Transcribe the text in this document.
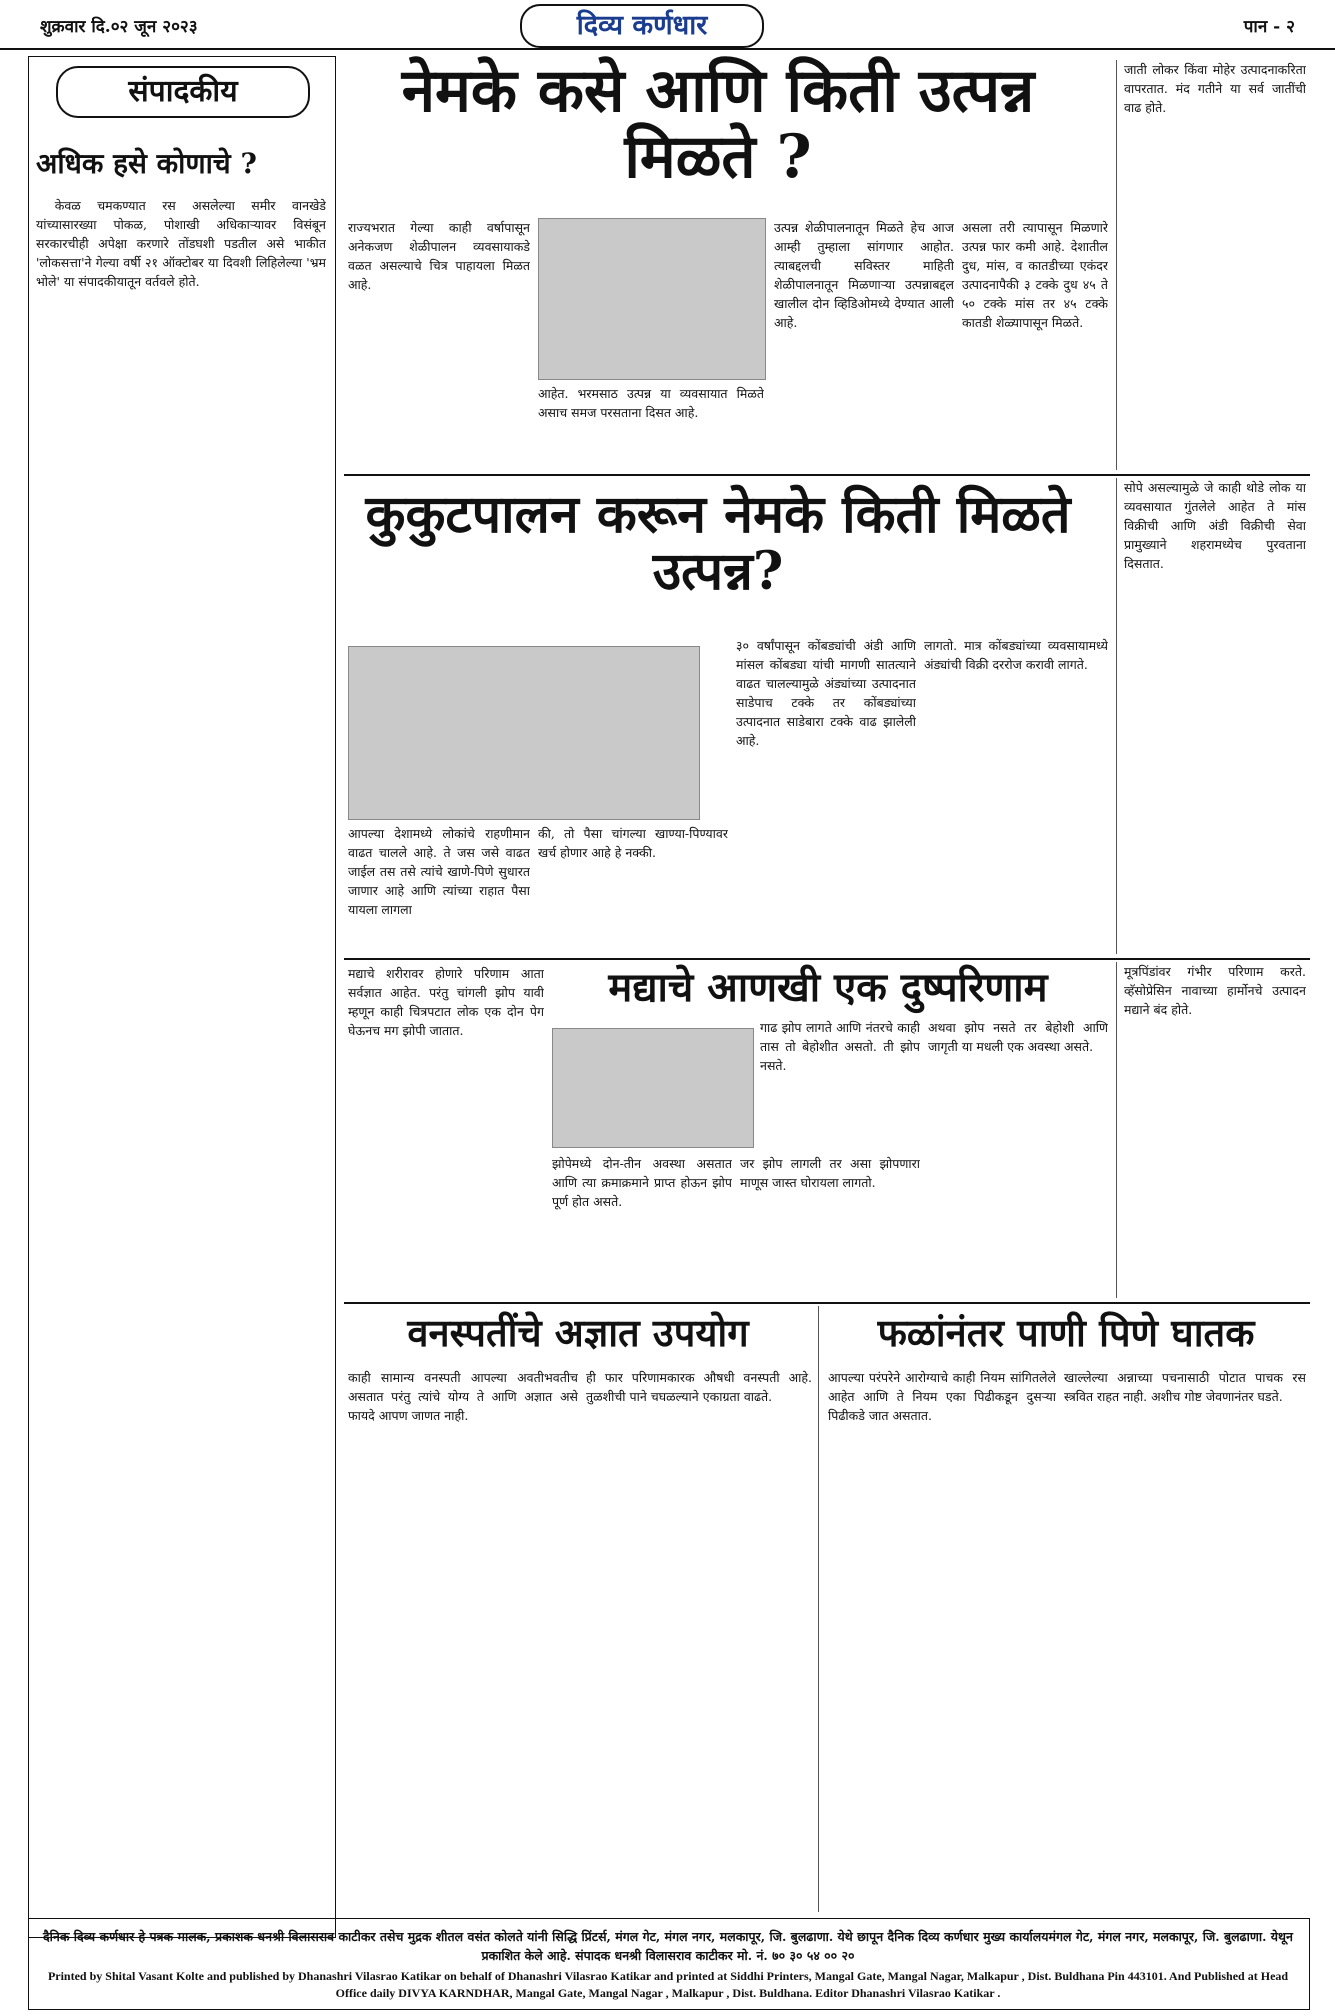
शुक्रवार दि.०२ जून २०२३	दिव्य कर्णधार	पान - २
संपादकीय
अधिक हसे कोणाचे ?

केवळ चमकण्यात रस असलेल्या समीर वानखेडे यांच्यासारख्या पोकळ, पोशाखी अधिकाऱ्यावर विसंबून सरकारचीही अपेक्षा करणारे तोंडघशी पडतील असे भाकीत 'लोकसत्ता'ने गेल्या वर्षी २१ ऑक्टोबर या दिवशी लिहिलेल्या 'भ्रम भोले' या संपादकीयातून वर्तवले होते.

नेमके कसे आणि किती उत्पन्न मिळते ?
राज्यभरात गेल्या काही वर्षापासून अनेकजण शेळीपालन व्यवसायाकडे वळत असल्याचे चित्र पाहायला मिळत आहे.
आहेत. भरमसाठ उत्पन्न या व्यवसायात मिळते असाच समज परसताना दिसत आहे.
उत्पन्न शेळीपालनातून मिळते हेच आज आम्ही तुम्हाला सांगणार आहोत. त्याबद्दलची सविस्तर माहिती शेळीपालनातून मिळणाऱ्या उत्पन्नाबद्दल खालील दोन व्हिडिओमध्ये देण्यात आली आहे.
असला तरी त्यापासून मिळणारे उत्पन्न फार कमी आहे. देशातील दुध, मांस, व कातडीच्या एकंदर उत्पादनापैकी ३ टक्के दुध ४५ ते ५० टक्के मांस तर ४५ टक्के कातडी शेळ्यापासून मिळते.
जाती लोकर किंवा मोहेर उत्पादनाकरिता वापरतात. मंद गतीने या सर्व जातींची वाढ होते.
कुकुटपालन करून नेमके किती मिळते उत्पन्न?
आपल्या देशामध्ये लोकांचे राहणीमान वाढत चालले आहे. ते जस जसे वाढत जाईल तस तसे त्यांचे खाणे-पिणे सुधारत जाणार आहे आणि त्यांच्या राहात पैसा यायला लागला
की, तो पैसा चांगल्या खाण्या-पिण्यावर खर्च होणार आहे हे नक्की.
३० वर्षांपासून कोंबड्यांची अंडी आणि मांसल कोंबड्या यांची मागणी सातत्याने वाढत चालल्यामुळे अंड्यांच्या उत्पादनात साडेपाच टक्के तर कोंबड्यांच्या उत्पादनात साडेबारा टक्के वाढ झालेली आहे.
लागतो. मात्र कोंबड्यांच्या व्यवसायामध्ये अंड्यांची विक्री दररोज करावी लागते.
सोपे असल्यामुळे जे काही थोडे लोक या व्यवसायात गुंतलेले आहेत ते मांस विक्रीची आणि अंडी विक्रीची सेवा प्रामुख्याने शहरामध्येच पुरवताना दिसतात.
मद्याचे शरीरावर होणारे परिणाम आता सर्वज्ञात आहेत. परंतु चांगली झोप यावी म्हणून काही चित्रपटात लोक एक दोन पेग घेऊनच मग झोपी जातात.
मद्याचे आणखी एक दुष्परिणाम
गाढ झोप लागते आणि नंतरचे काही तास तो बेहोशीत असतो. ती झोप नसते.
अथवा झोप नसते तर बेहोशी आणि जागृती या मधली एक अवस्था असते.
झोपेमध्ये दोन-तीन अवस्था असतात आणि त्या क्रमाक्रमाने प्राप्त होऊन झोप पूर्ण होत असते.
जर झोप लागली तर असा झोपणारा माणूस जास्त घोरायला लागतो.
मूत्रपिंडांवर गंभीर परिणाम करते. व्हॅसोप्रेसिन नावाच्या हार्मोनचे उत्पादन मद्याने बंद होते.
वनस्पतींचे अज्ञात उपयोग
काही सामान्य वनस्पती आपल्या अवतीभवतीच असतात परंतु त्यांचे योग्य ते आणि अज्ञात असे फायदे आपण जाणत नाही.
ही फार परिणामकारक औषधी वनस्पती आहे. तुळशीची पाने चघळल्याने एकाग्रता वाढते.
फळांनंतर पाणी पिणे घातक
आपल्या परंपरेने आरोग्याचे काही नियम सांगितलेले आहेत आणि ते नियम एका पिढीकडून दुसऱ्या पिढीकडे जात असतात.
खाल्लेल्या अन्नाच्या पचनासाठी पोटात पाचक रस स्त्रवित राहत नाही. अशीच गोष्ट जेवणानंतर घडते.
दैनिक दिव्य कर्णधार हे पत्रक मालक, प्रकाशक धनश्री विलासराव काटीकर तसेच मुद्रक शीतल वसंत कोलते यांनी सिद्धि प्रिंटर्स, मंगल गेट, मंगल नगर, मलकापूर, जि. बुलढाणा. येथे छापून दैनिक दिव्य कर्णधार मुख्य कार्यालयमंगल गेट, मंगल नगर, मलकापूर, जि. बुलढाणा. येथून प्रकाशित केले आहे. संपादक धनश्री विलासराव काटीकर मो. नं. ७० ३० ५४ ०० २०
Printed by Shital Vasant Kolte and published by Dhanashri Vilasrao Katikar on behalf of Dhanashri Vilasrao Katikar and printed at Siddhi Printers, Mangal Gate, Mangal Nagar, Malkapur , Dist. Buldhana Pin 443101. And Published at Head Office daily DIVYA KARNDHAR, Mangal Gate, Mangal Nagar , Malkapur , Dist. Buldhana. Editor Dhanashri Vilasrao Katikar .
